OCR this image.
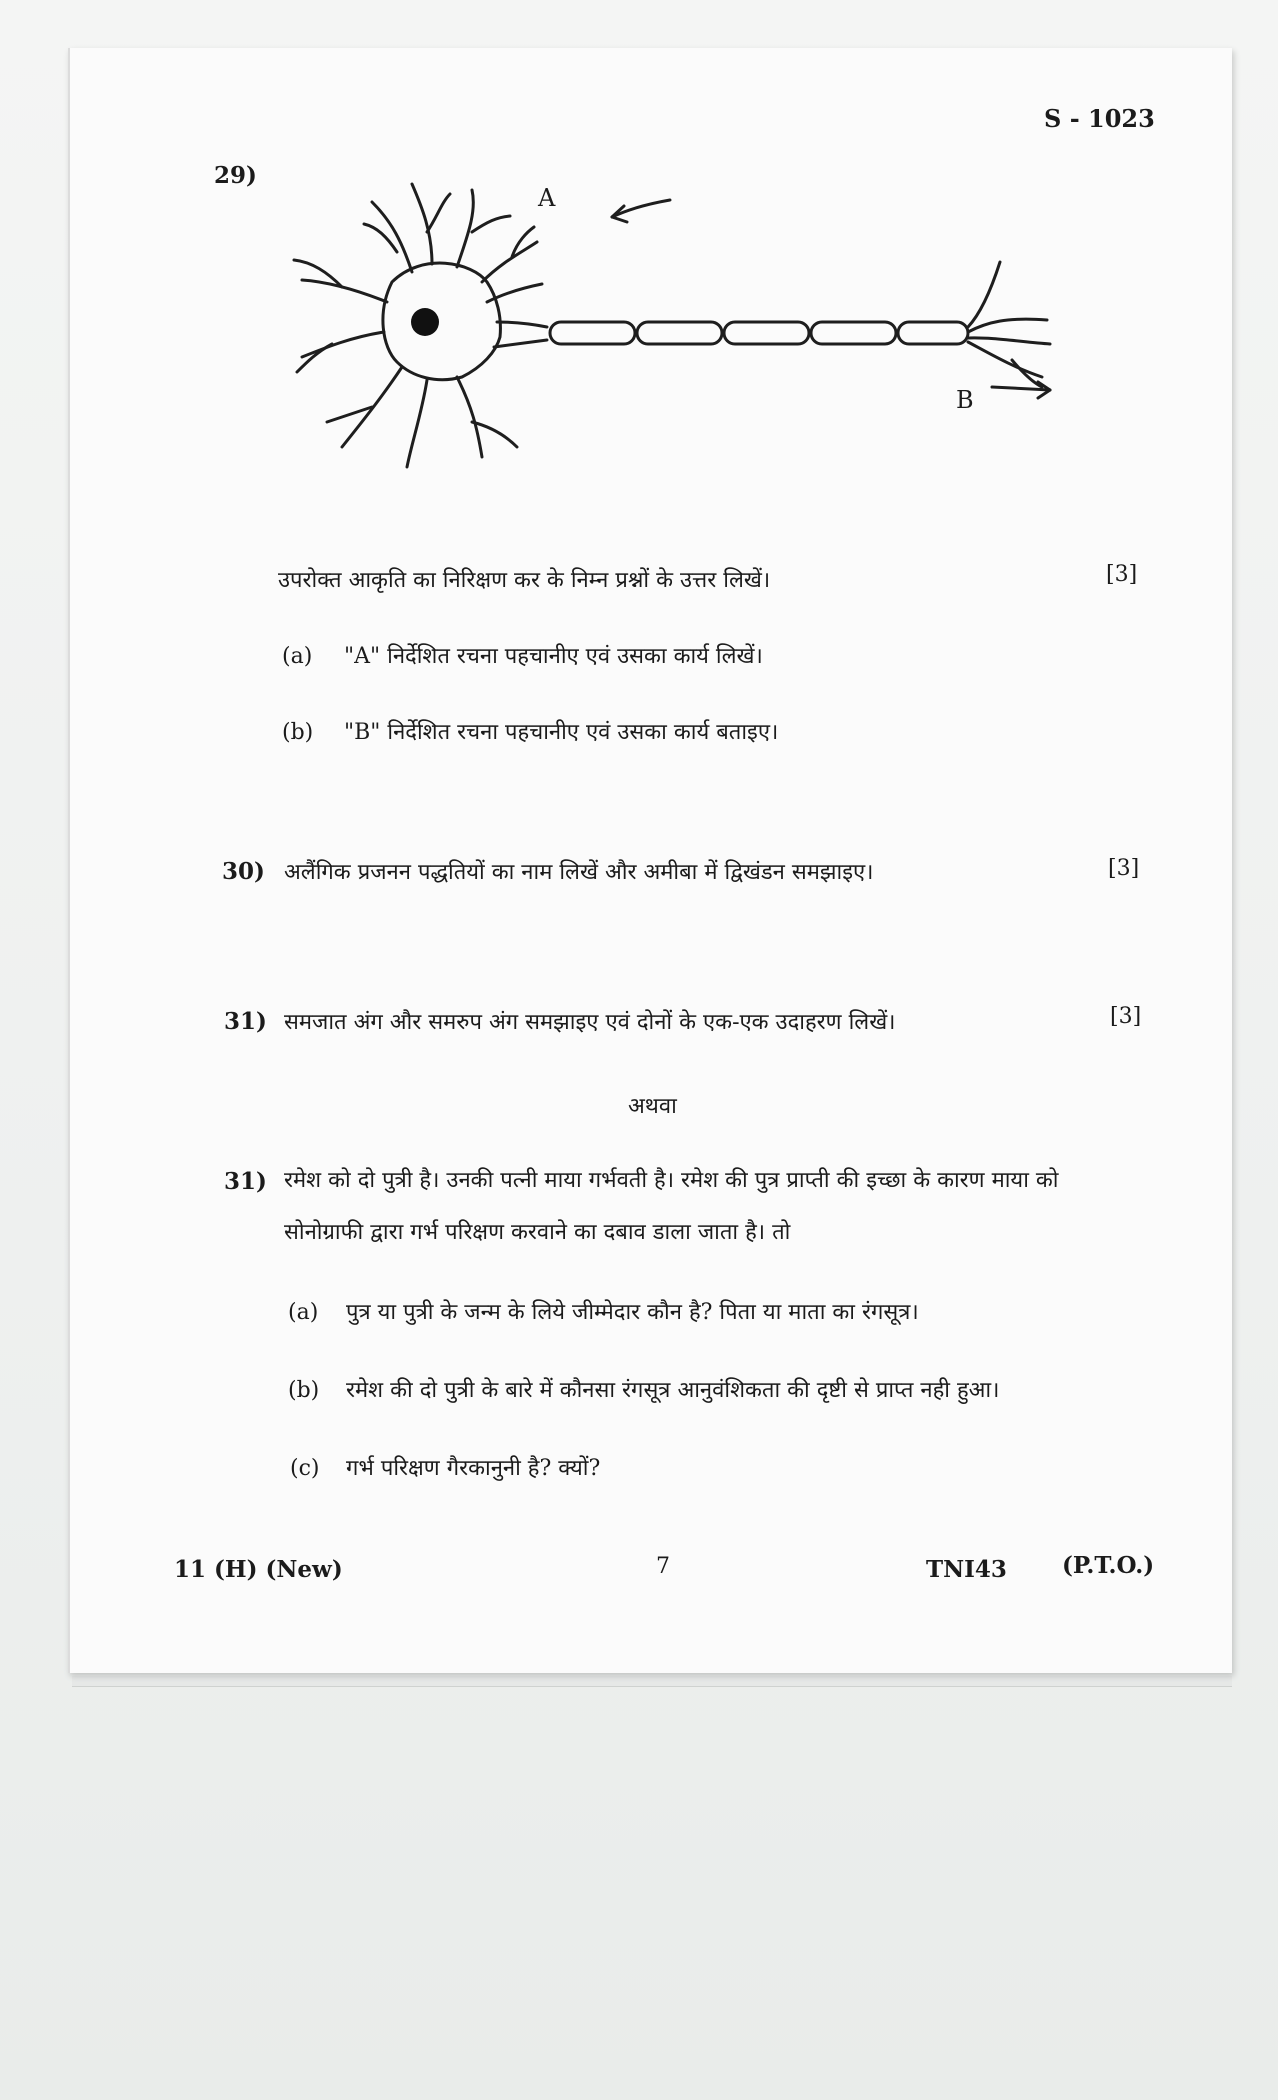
S - 1023
29)
A
B
उपरोक्त आकृति का निरिक्षण कर के निम्न प्रश्नों के उत्तर लिखें।	[3]
(a) "A" निर्देशित रचना पहचानीए एवं उसका कार्य लिखें।
(b) "B" निर्देशित रचना पहचानीए एवं उसका कार्य बताइए।
30) अलैंगिक प्रजनन पद्धतियों का नाम लिखें और अमीबा में द्विखंडन समझाइए।	[3]
31) समजात अंग और समरुप अंग समझाइए एवं दोनों के एक-एक उदाहरण लिखें।	[3]
अथवा
31) रमेश को दो पुत्री है। उनकी पत्नी माया गर्भवती है। रमेश की पुत्र प्राप्ती की इच्छा के कारण माया को
सोनोग्राफी द्वारा गर्भ परिक्षण करवाने का दबाव डाला जाता है। तो
(a) पुत्र या पुत्री के जन्म के लिये जीम्मेदार कौन है? पिता या माता का रंगसूत्र।
(b) रमेश की दो पुत्री के बारे में कौनसा रंगसूत्र आनुवंशिकता की दृष्टी से प्राप्त नही हुआ।
(c) गर्भ परिक्षण गैरकानुनी है? क्यों?
11 (H) (New)	7	TNI43 (P.T.O.)
